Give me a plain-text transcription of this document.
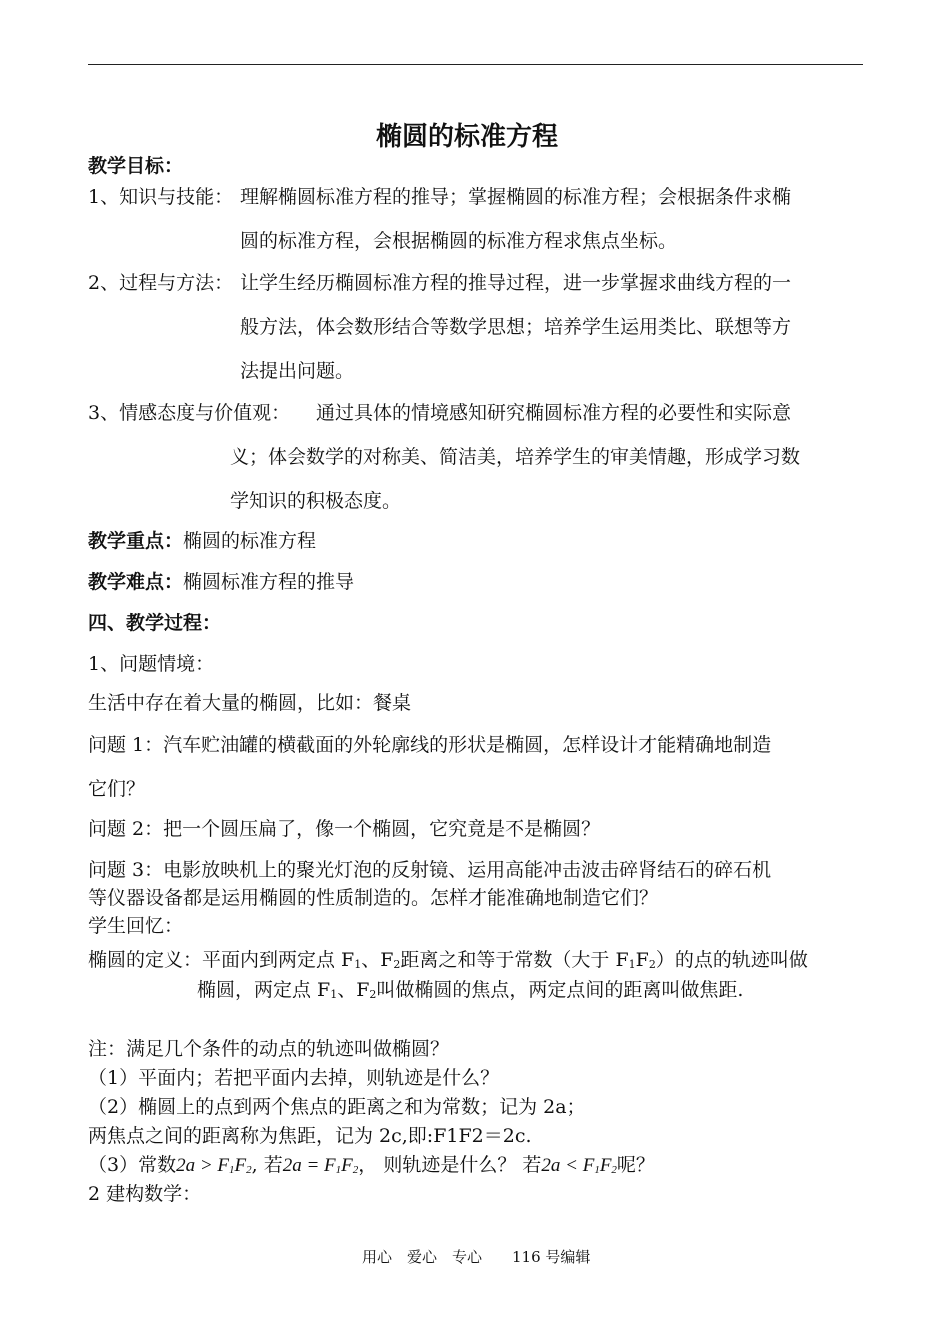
椭圆的标准方程
教学目标：
1、知识与技能： 理解椭圆标准方程的推导；掌握椭圆的标准方程；会根据条件求椭
圆的标准方程，会根据椭圆的标准方程求焦点坐标。
2、过程与方法： 让学生经历椭圆标准方程的推导过程，进一步掌握求曲线方程的一
般方法，体会数形结合等数学思想；培养学生运用类比、联想等方
法提出问题。
3、情感态度与价值观： 通过具体的情境感知研究椭圆标准方程的必要性和实际意
义；体会数学的对称美、简洁美，培养学生的审美情趣，形成学习数
学知识的积极态度。
教学重点：椭圆的标准方程
教学难点：椭圆标准方程的推导
四、教学过程：
1、问题情境：
生活中存在着大量的椭圆，比如：餐桌
问题 1：汽车贮油罐的横截面的外轮廓线的形状是椭圆，怎样设计才能精确地制造
它们？
问题 2：把一个圆压扁了，像一个椭圆，它究竟是不是椭圆？
问题 3：电影放映机上的聚光灯泡的反射镜、运用高能冲击波击碎肾结石的碎石机
等仪器设备都是运用椭圆的性质制造的。怎样才能准确地制造它们？
学生回忆：
椭圆的定义：平面内到两定点 $F_1$、$F_2$距离之和等于常数（大于 $F_1F_2$）的点的轨迹叫做
椭圆，两定点 $F_1$、$F_2$叫做椭圆的焦点，两定点间的距离叫做焦距.
注：满足几个条件的动点的轨迹叫做椭圆？
（1）平面内；若把平面内去掉，则轨迹是什么？
（2）椭圆上的点到两个焦点的距离之和为常数；记为 2a；
两焦点之间的距离称为焦距，记为 2c,即:F1F2＝2c.
（3）常数$2a > F_1F_2$, 若$2a = F_1F_2$， 则轨迹是什么？ 若$2a < F_1F_2$呢？
2 建构数学：
用心　爱心　专心　　116 号编辑
